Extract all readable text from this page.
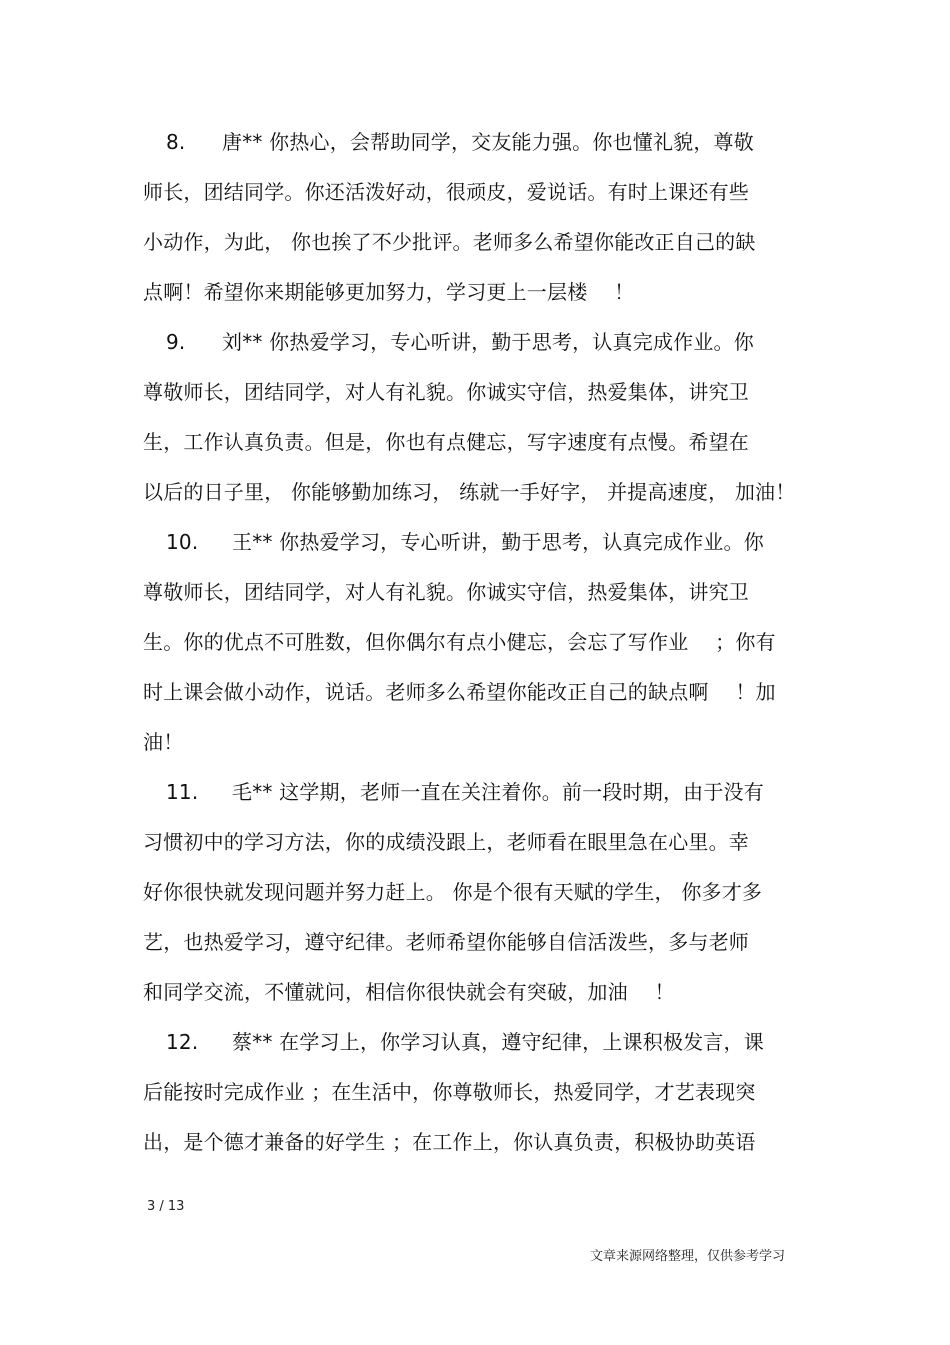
8. 唐** 你热心，会帮助同学，交友能力强。你也懂礼貌，尊敬
师长，团结同学。你还活泼好动，很顽皮，爱说话。有时上课还有些
小动作，为此， 你也挨了不少批评。老师多么希望你能改正自己的缺
点啊！希望你来期能够更加努力，学习更上一层楼 　！
9. 刘** 你热爱学习，专心听讲，勤于思考，认真完成作业。你
尊敬师长，团结同学，对人有礼貌。你诚实守信，热爱集体，讲究卫
生，工作认真负责。但是，你也有点健忘，写字速度有点慢。希望在
以后的日子里， 你能够勤加练习， 练就一手好字， 并提高速度， 加油！
10. 王** 你热爱学习，专心听讲，勤于思考，认真完成作业。你
尊敬师长，团结同学，对人有礼貌。你诚实守信，热爱集体，讲究卫
生。你的优点不可胜数，但你偶尔有点小健忘，会忘了写作业 　；你有
时上课会做小动作，说话。老师多么希望你能改正自己的缺点啊 　！加
油！
11. 毛** 这学期，老师一直在关注着你。前一段时期，由于没有
习惯初中的学习方法，你的成绩没跟上，老师看在眼里急在心里。幸
好你很快就发现问题并努力赶上。 你是个很有天赋的学生， 你多才多
艺，也热爱学习，遵守纪律。老师希望你能够自信活泼些，多与老师
和同学交流，不懂就问，相信你很快就会有突破，加油 　！
12. 蔡** 在学习上，你学习认真，遵守纪律，上课积极发言，课
后能按时完成作业 ；在生活中，你尊敬师长，热爱同学，才艺表现突
出，是个德才兼备的好学生 ；在工作上，你认真负责，积极协助英语
3 / 13
文章来源网络整理，仅供参考学习
